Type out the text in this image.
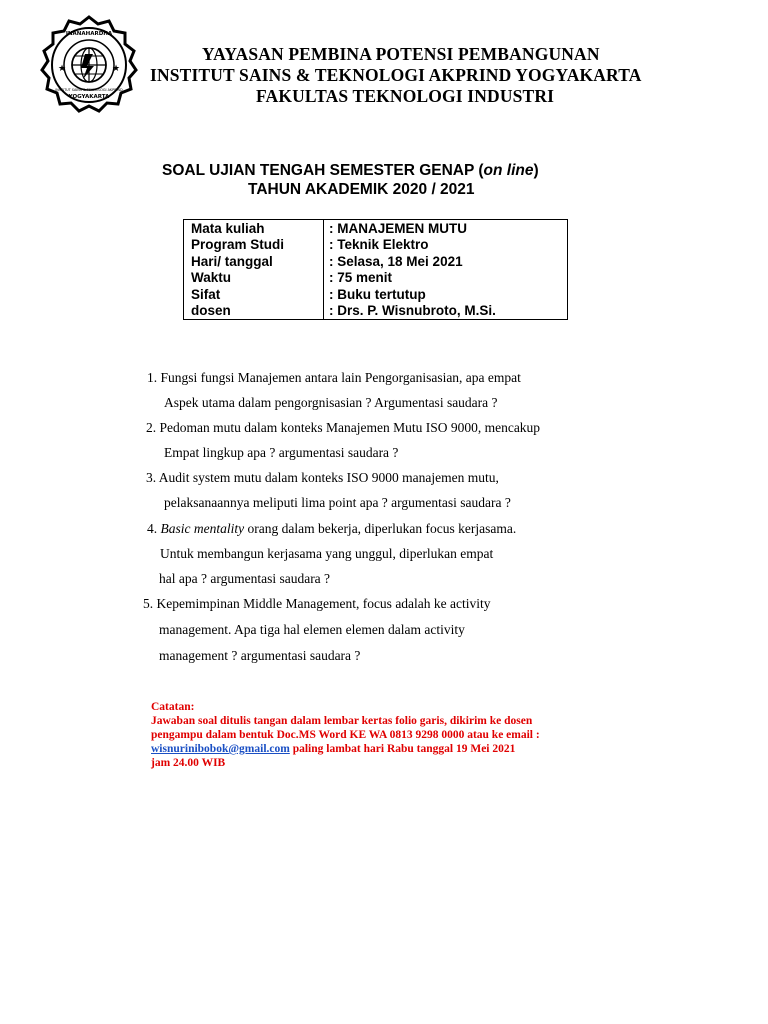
★	★
JNANAHARDHA
YOGYAKARTA
INSTITUT SAINS & TEKNOLOGI AKPRIND
YAYASAN PEMBINA POTENSI PEMBANGUNAN
INSTITUT SAINS & TEKNOLOGI AKPRIND YOGYAKARTA
FAKULTAS TEKNOLOGI INDUSTRI
SOAL UJIAN TENGAH SEMESTER GENAP (on line)
TAHUN AKADEMIK 2020 / 2021
Mata kuliah	: MANAJEMEN MUTU
Program Studi	: Teknik Elektro
Hari/ tanggal	: Selasa, 18 Mei 2021
Waktu	: 75 menit
Sifat	: Buku tertutup
dosen	: Drs. P. Wisnubroto, M.Si.
1. Fungsi fungsi Manajemen antara lain Pengorganisasian, apa empat
Aspek utama dalam pengorgnisasian ? Argumentasi saudara ?
2. Pedoman mutu dalam konteks Manajemen Mutu ISO 9000, mencakup
Empat lingkup apa ? argumentasi saudara ?
3. Audit system mutu dalam konteks ISO 9000 manajemen mutu,
pelaksanaannya meliputi lima point apa ? argumentasi saudara ?
4. Basic mentality orang dalam bekerja, diperlukan focus kerjasama.
Untuk membangun kerjasama yang unggul, diperlukan empat
hal apa ? argumentasi saudara ?
5. Kepemimpinan Middle Management, focus adalah ke activity
management. Apa tiga hal elemen elemen dalam activity
management ? argumentasi saudara ?
Catatan:
Jawaban soal ditulis tangan dalam lembar kertas folio garis, dikirim ke dosen
pengampu dalam bentuk Doc.MS Word KE WA 0813 9298 0000 atau ke email :
wisnurinibobok@gmail.com paling lambat hari Rabu tanggal 19 Mei 2021
jam 24.00 WIB
